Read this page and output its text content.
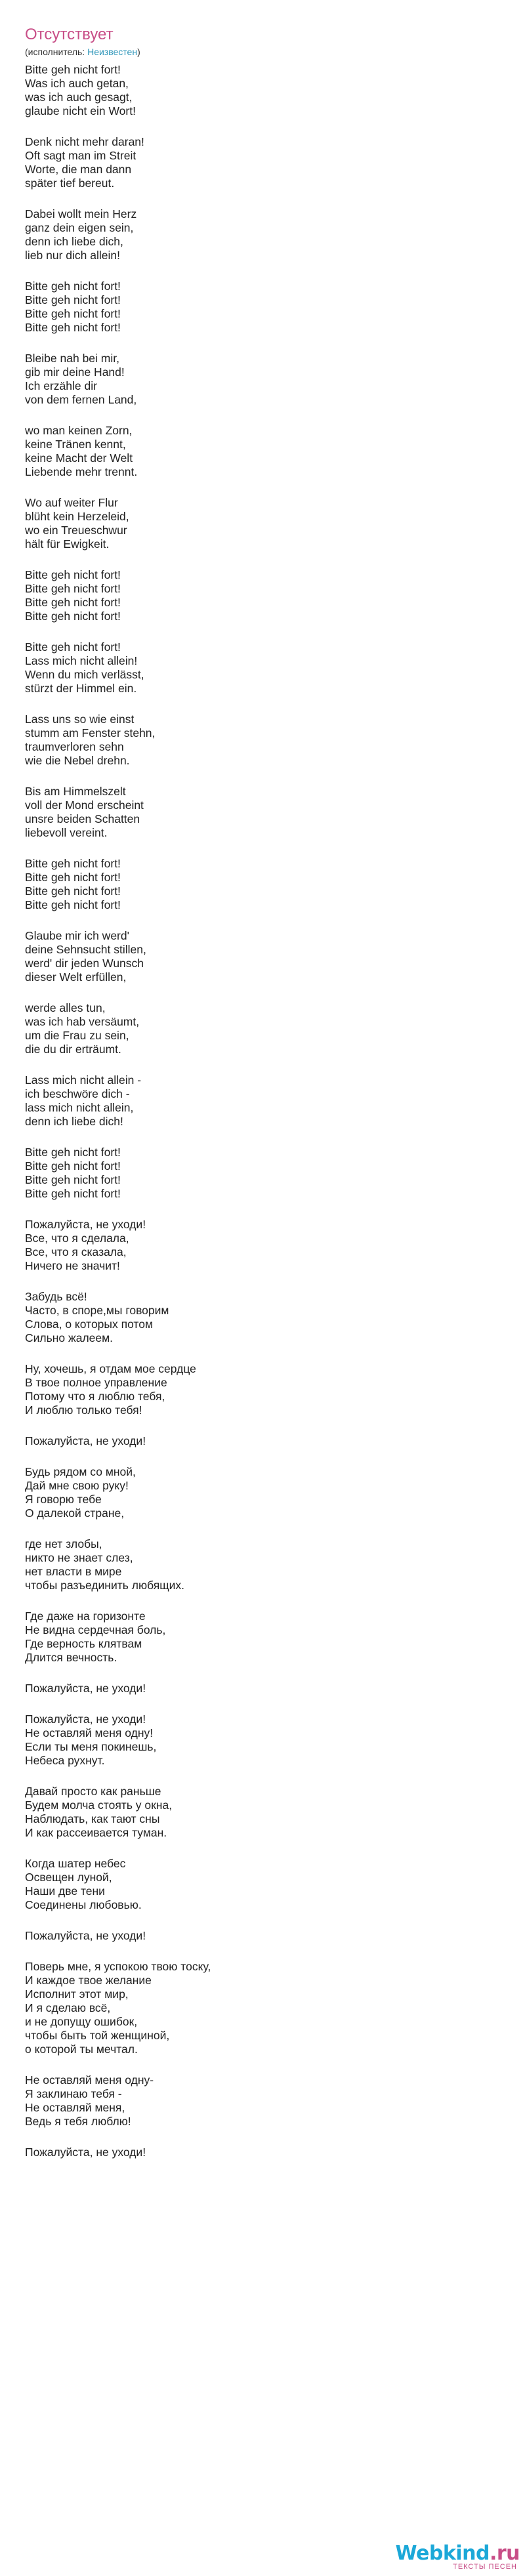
Отсутствует
(исполнитель: Неизвестен)
Bitte geh nicht fort!
Was ich auch getan,
was ich auch gesagt,
glaube nicht ein Wort!
Denk nicht mehr daran!
Oft sagt man im Streit
Worte, die man dann
später tief bereut.
Dabei wollt mein Herz
ganz dein eigen sein,
denn ich liebe dich,
lieb nur dich allein!
Bitte geh nicht fort!
Bitte geh nicht fort!
Bitte geh nicht fort!
Bitte geh nicht fort!
Bleibe nah bei mir,
gib mir deine Hand!
Ich erzähle dir
von dem fernen Land,
wo man keinen Zorn,
keine Tränen kennt,
keine Macht der Welt
Liebende mehr trennt.
Wo auf weiter Flur
blüht kein Herzeleid,
wo ein Treueschwur
hält für Ewigkeit.
Bitte geh nicht fort!
Bitte geh nicht fort!
Bitte geh nicht fort!
Bitte geh nicht fort!
Bitte geh nicht fort!
Lass mich nicht allein!
Wenn du mich verlässt,
stürzt der Himmel ein.
Lass uns so wie einst
stumm am Fenster stehn,
traumverloren sehn
wie die Nebel drehn.
Bis am Himmelszelt
voll der Mond erscheint
unsre beiden Schatten
liebevoll vereint.
Bitte geh nicht fort!
Bitte geh nicht fort!
Bitte geh nicht fort!
Bitte geh nicht fort!
Glaube mir ich werd'
deine Sehnsucht stillen,
werd' dir jeden Wunsch
dieser Welt erfüllen,
werde alles tun,
was ich hab versäumt,
um die Frau zu sein,
die du dir erträumt.
Lass mich nicht allein -
ich beschwöre dich -
lass mich nicht allein,
denn ich liebe dich!
Bitte geh nicht fort!
Bitte geh nicht fort!
Bitte geh nicht fort!
Bitte geh nicht fort!
Пожалуйста, не уходи!
Все, что я сделала,
Все, что я сказала,
Ничего не значит!
Забудь всё!
Часто, в споре,мы говорим
Слова, о которых потом
Сильно жалеем.
Ну, хочешь, я отдам мое сердце
В твое полное управление
Потому что я люблю тебя,
И люблю только тебя!
Пожалуйста, не уходи!
Будь рядом со мной,
Дай мне свою руку!
Я говорю тебе
О далекой стране,
где нет злобы,
никто не знает слез,
нет власти в мире
чтобы разъединить любящих.
Где даже на горизонте
Не видна сердечная боль,
Где верность клятвам
Длится вечность.
Пожалуйста, не уходи!
Пожалуйста, не уходи!
Не оставляй меня одну!
Если ты меня покинешь,
Небеса рухнут.
Давай просто как раньше
Будем молча стоять у окна,
Наблюдать, как тают сны
И как рассеивается туман.
Когда шатер небес
Освещен луной,
Наши две тени
Соединены любовью.
Пожалуйста, не уходи!
Поверь мне, я успокою твою тоску,
И каждое твое желание
Исполнит этот мир,
И я сделаю всё,
и не допущу ошибок,
чтобы быть той женщиной,
о которой ты мечтал.
Не оставляй меня одну-
Я заклинаю тебя -
Не оставляй меня,
Ведь я тебя люблю!
Пожалуйста, не уходи!
Webkind.ru
ТЕКСТЫ ПЕСЕН
